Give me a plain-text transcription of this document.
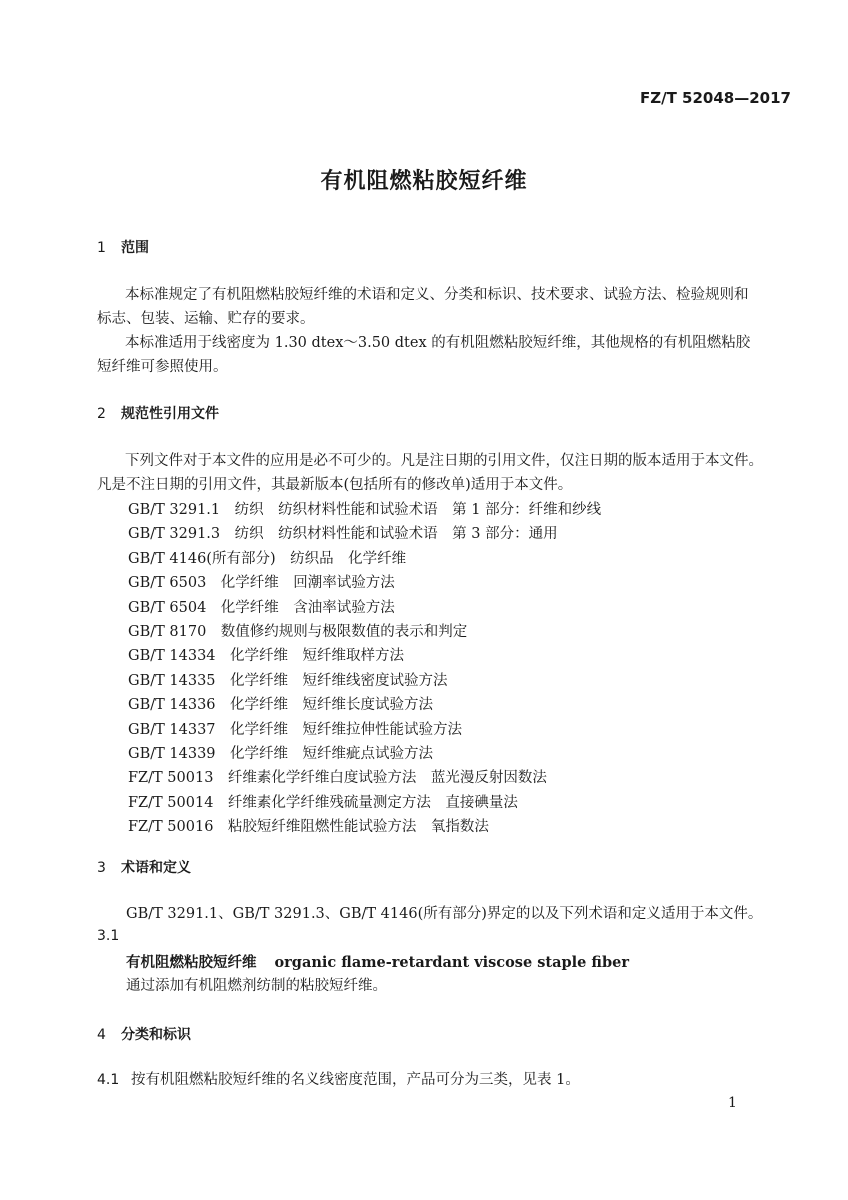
FZ/T 52048—2017
有机阻燃粘胶短纤维
1 范围
本标准规定了有机阻燃粘胶短纤维的术语和定义、分类和标识、技术要求、试验方法、检验规则和标志、包装、运输、贮存的要求。
本标准适用于线密度为 1.30 dtex～3.50 dtex 的有机阻燃粘胶短纤维，其他规格的有机阻燃粘胶短纤维可参照使用。
2 规范性引用文件
下列文件对于本文件的应用是必不可少的。凡是注日期的引用文件，仅注日期的版本适用于本文件。凡是不注日期的引用文件，其最新版本(包括所有的修改单)适用于本文件。
GB/T 3291.1　纺织　纺织材料性能和试验术语　第 1 部分：纤维和纱线
GB/T 3291.3　纺织　纺织材料性能和试验术语　第 3 部分：通用
GB/T 4146(所有部分)　纺织品　化学纤维
GB/T 6503　化学纤维　回潮率试验方法
GB/T 6504　化学纤维　含油率试验方法
GB/T 8170　数值修约规则与极限数值的表示和判定
GB/T 14334　化学纤维　短纤维取样方法
GB/T 14335　化学纤维　短纤维线密度试验方法
GB/T 14336　化学纤维　短纤维长度试验方法
GB/T 14337　化学纤维　短纤维拉伸性能试验方法
GB/T 14339　化学纤维　短纤维疵点试验方法
FZ/T 50013　纤维素化学纤维白度试验方法　蓝光漫反射因数法
FZ/T 50014　纤维素化学纤维残硫量测定方法　直接碘量法
FZ/T 50016　粘胶短纤维阻燃性能试验方法　氧指数法
3 术语和定义
GB/T 3291.1、GB/T 3291.3、GB/T 4146(所有部分)界定的以及下列术语和定义适用于本文件。
3.1
有机阻燃粘胶短纤维 organic flame-retardant viscose staple fiber
通过添加有机阻燃剂纺制的粘胶短纤维。
4 分类和标识
4.1 按有机阻燃粘胶短纤维的名义线密度范围，产品可分为三类，见表 1。
1
